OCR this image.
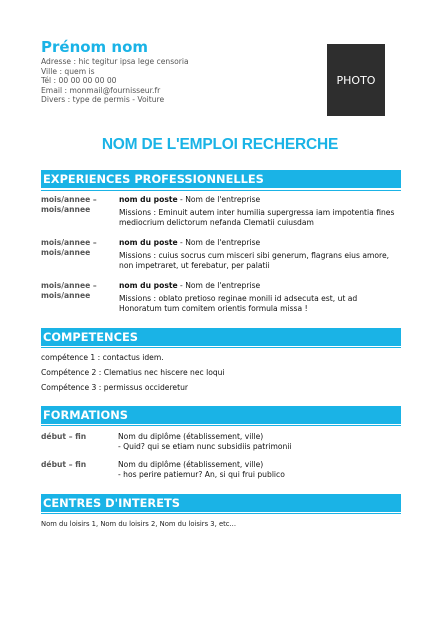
Prénom nom
Adresse : hic tegitur ipsa lege censoria
Ville : quem is
Tél : 00 00 00 00 00
Email : monmail@fournisseur.fr
Divers : type de permis - Voiture
PHOTO
NOM DE L'EMPLOI RECHERCHE
EXPERIENCES PROFESSIONNELLES
mois/annee –
mois/annee
nom du poste - Nom de l'entreprise
Missions : Eminuit autem inter humilia supergressa iam impotentia fines mediocrium delictorum nefanda Clematii cuiusdam
mois/annee –
mois/annee
nom du poste - Nom de l'entreprise
Missions : cuius socrus cum misceri sibi generum, flagrans eius amore, non impetraret, ut ferebatur, per palatii
mois/annee –
mois/annee
nom du poste - Nom de l'entreprise
Missions : oblato pretioso reginae monili id adsecuta est, ut ad Honoratum tum comitem orientis formula missa !
COMPETENCES
compétence 1 : contactus idem.
Compétence 2 : Clematius nec hiscere nec loqui
Compétence 3 : permissus occideretur
FORMATIONS
début – fin	Nom du diplôme (établissement, ville)
- Quid? qui se etiam nunc subsidiis patrimonii
début – fin	Nom du diplôme (établissement, ville)
- hos perire patiemur? An, si qui frui publico
CENTRES D'INTERETS
Nom du loisirs 1, Nom du loisirs 2, Nom du loisirs 3, etc...
